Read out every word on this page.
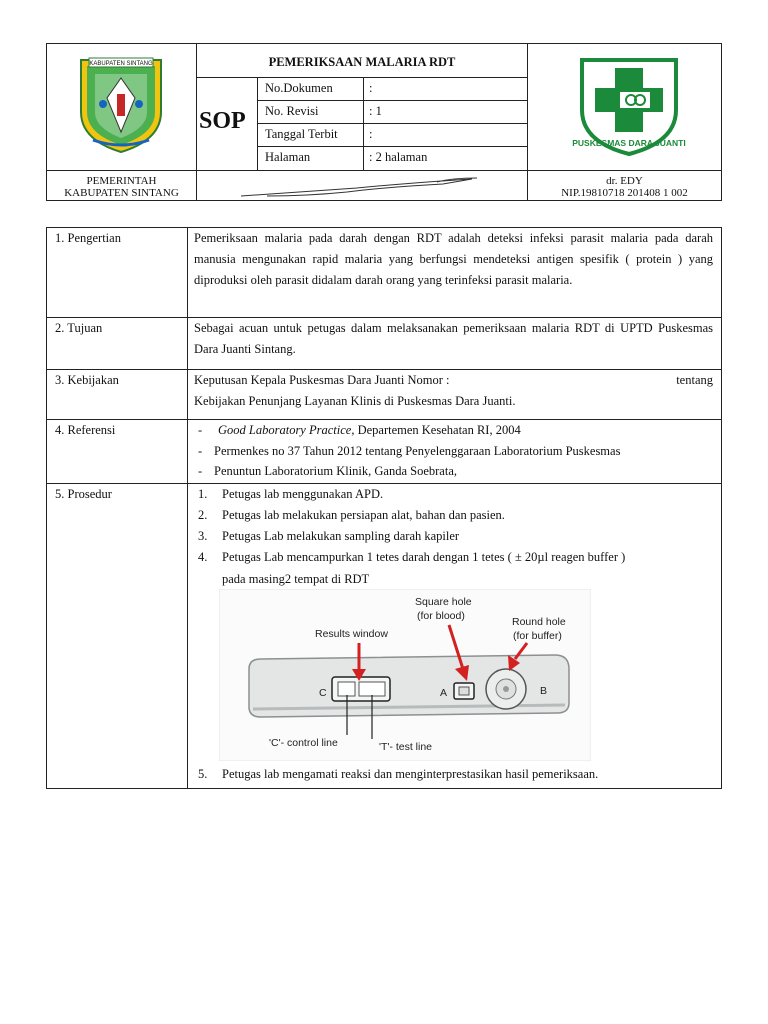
KABUPATEN SINTANG
SOP
PEMERIKSAAN MALARIA RDT
No.Dokumen	:
No. Revisi	: 1
Tanggal Terbit	:
Halaman	: 2 halaman
PUSKESMAS DARA JUANTI
PEMERINTAH
KABUPATEN SINTANG
dr. EDY
NIP.19810718 201408 1 002
1. Pengertian	Pemeriksaan malaria pada darah dengan RDT adalah deteksi infeksi parasit malaria pada darah manusia mengunakan rapid malaria yang berfungsi mendeteksi antigen spesifik ( protein ) yang diproduksi oleh parasit didalam darah orang yang terinfeksi parasit malaria.
2. Tujuan	Sebagai acuan untuk petugas dalam melaksanakan pemeriksaan malaria RDT di UPTD Puskesmas Dara Juanti Sintang.
3. Kebijakan	Keputusan Kepala Puskesmas Dara Juanti Nomor :	tentang
Kebijakan Penunjang Layanan Klinis di Puskesmas Dara Juanti.
4. Referensi	- Good Laboratory Practice, Departemen Kesehatan RI, 2004
- Permenkes no 37 Tahun 2012 tentang Penyelenggaraan Laboratorium Puskesmas
- Penuntun Laboratorium Klinik, Ganda Soebrata,
5. Prosedur	1. Petugas lab menggunakan APD.
2. Petugas lab melakukan persiapan alat, bahan dan pasien.
3. Petugas Lab melakukan sampling darah kapiler
4. Petugas Lab mencampurkan 1 tetes darah dengan 1 tetes ( ± 20µl reagen buffer )
pada masing2 tempat di RDT
C	A	B
Square hole
(for blood)	Round hole
(for buffer)
Results window
'C'- control line	'T'- test line
5. Petugas lab mengamati reaksi dan menginterprestasikan hasil pemeriksaan.
